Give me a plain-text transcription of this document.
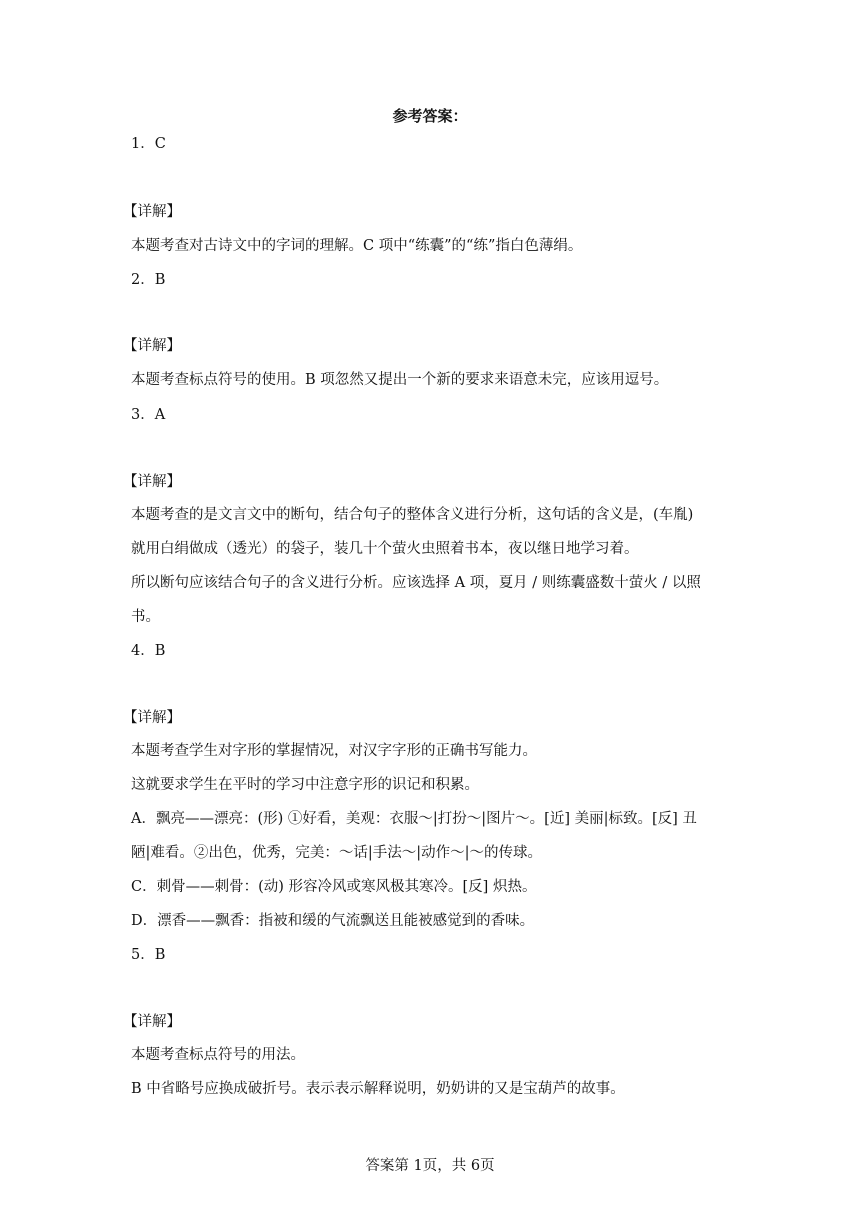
参考答案：
1．C
【详解】
本题考查对古诗文中的字词的理解。C 项中“练囊”的“练”指白色薄绢。
2．B
【详解】
本题考查标点符号的使用。B 项忽然又提出一个新的要求来语意未完，应该用逗号。
3．A
【详解】
本题考查的是文言文中的断句，结合句子的整体含义进行分析，这句话的含义是，(车胤)
就用白绢做成（透光）的袋子，装几十个萤火虫照着书本，夜以继日地学习着。
所以断句应该结合句子的含义进行分析。应该选择 A 项，夏月 / 则练囊盛数十萤火 / 以照
书。
4．B
【详解】
本题考查学生对字形的掌握情况，对汉字字形的正确书写能力。
这就要求学生在平时的学习中注意字形的识记和积累。
A．飘亮——漂亮：(形) ①好看，美观：衣服～|打扮～|图片～。[近] 美丽|标致。[反] 丑
陋|难看。②出色，优秀，完美：～话|手法～|动作～|～的传球。
C．刺骨——刺骨：(动) 形容冷风或寒风极其寒冷。[反] 炽热。
D．漂香——飘香：指被和缓的气流飘送且能被感觉到的香味。
5．B
【详解】
本题考查标点符号的用法。
B 中省略号应换成破折号。表示表示解释说明，奶奶讲的又是宝葫芦的故事。
答案第 1页，共 6页
